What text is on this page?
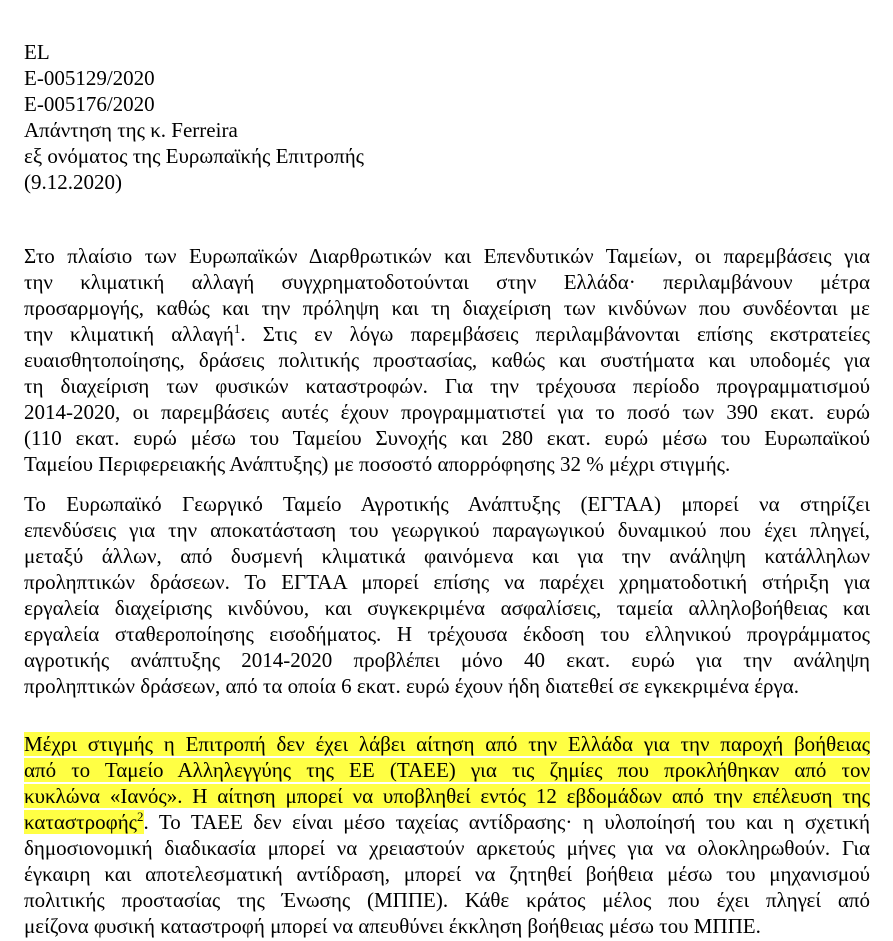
EL
E-005129/2020
E-005176/2020
Απάντηση της κ. Ferreira
εξ ονόματος της Ευρωπαϊκής Επιτροπής
(9.12.2020)
Στο πλαίσιο των Ευρωπαϊκών Διαρθρωτικών και Επενδυτικών Ταμείων, οι παρεμβάσεις για
την κλιματική αλλαγή συγχρηματοδοτούνται στην Ελλάδα· περιλαμβάνουν μέτρα
προσαρμογής, καθώς και την πρόληψη και τη διαχείριση των κινδύνων που συνδέονται με
την κλιματική αλλαγή$^1$. Στις εν λόγω παρεμβάσεις περιλαμβάνονται επίσης εκστρατείες
ευαισθητοποίησης, δράσεις πολιτικής προστασίας, καθώς και συστήματα και υποδομές για
τη διαχείριση των φυσικών καταστροφών. Για την τρέχουσα περίοδο προγραμματισμού
2014-2020, οι παρεμβάσεις αυτές έχουν προγραμματιστεί για το ποσό των 390 εκατ. ευρώ
(110 εκατ. ευρώ μέσω του Ταμείου Συνοχής και 280 εκατ. ευρώ μέσω του Ευρωπαϊκού
Ταμείου Περιφερειακής Ανάπτυξης) με ποσοστό απορρόφησης 32 % μέχρι στιγμής.
Το Ευρωπαϊκό Γεωργικό Ταμείο Αγροτικής Ανάπτυξης (ΕΓΤΑΑ) μπορεί να στηρίζει
επενδύσεις για την αποκατάσταση του γεωργικού παραγωγικού δυναμικού που έχει πληγεί,
μεταξύ άλλων, από δυσμενή κλιματικά φαινόμενα και για την ανάληψη κατάλληλων
προληπτικών δράσεων. Το ΕΓΤΑΑ μπορεί επίσης να παρέχει χρηματοδοτική στήριξη για
εργαλεία διαχείρισης κινδύνου, και συγκεκριμένα ασφαλίσεις, ταμεία αλληλοβοήθειας και
εργαλεία σταθεροποίησης εισοδήματος. Η τρέχουσα έκδοση του ελληνικού προγράμματος
αγροτικής ανάπτυξης 2014-2020 προβλέπει μόνο 40 εκατ. ευρώ για την ανάληψη
προληπτικών δράσεων, από τα οποία 6 εκατ. ευρώ έχουν ήδη διατεθεί σε εγκεκριμένα έργα.
Μέχρι στιγμής η Επιτροπή δεν έχει λάβει αίτηση από την Ελλάδα για την παροχή βοήθειας
από το Ταμείο Αλληλεγγύης της ΕΕ (ΤΑΕΕ) για τις ζημίες που προκλήθηκαν από τον
κυκλώνα «Ιανός». Η αίτηση μπορεί να υποβληθεί εντός 12 εβδομάδων από την επέλευση της
καταστροφής$^2$. Το ΤΑΕΕ δεν είναι μέσο ταχείας αντίδρασης· η υλοποίησή του και η σχετική
δημοσιονομική διαδικασία μπορεί να χρειαστούν αρκετούς μήνες για να ολοκληρωθούν. Για
έγκαιρη και αποτελεσματική αντίδραση, μπορεί να ζητηθεί βοήθεια μέσω του μηχανισμού
πολιτικής προστασίας της Ένωσης (ΜΠΠΕ). Κάθε κράτος μέλος που έχει πληγεί από
μείζονα φυσική καταστροφή μπορεί να απευθύνει έκκληση βοήθειας μέσω του ΜΠΠΕ.
